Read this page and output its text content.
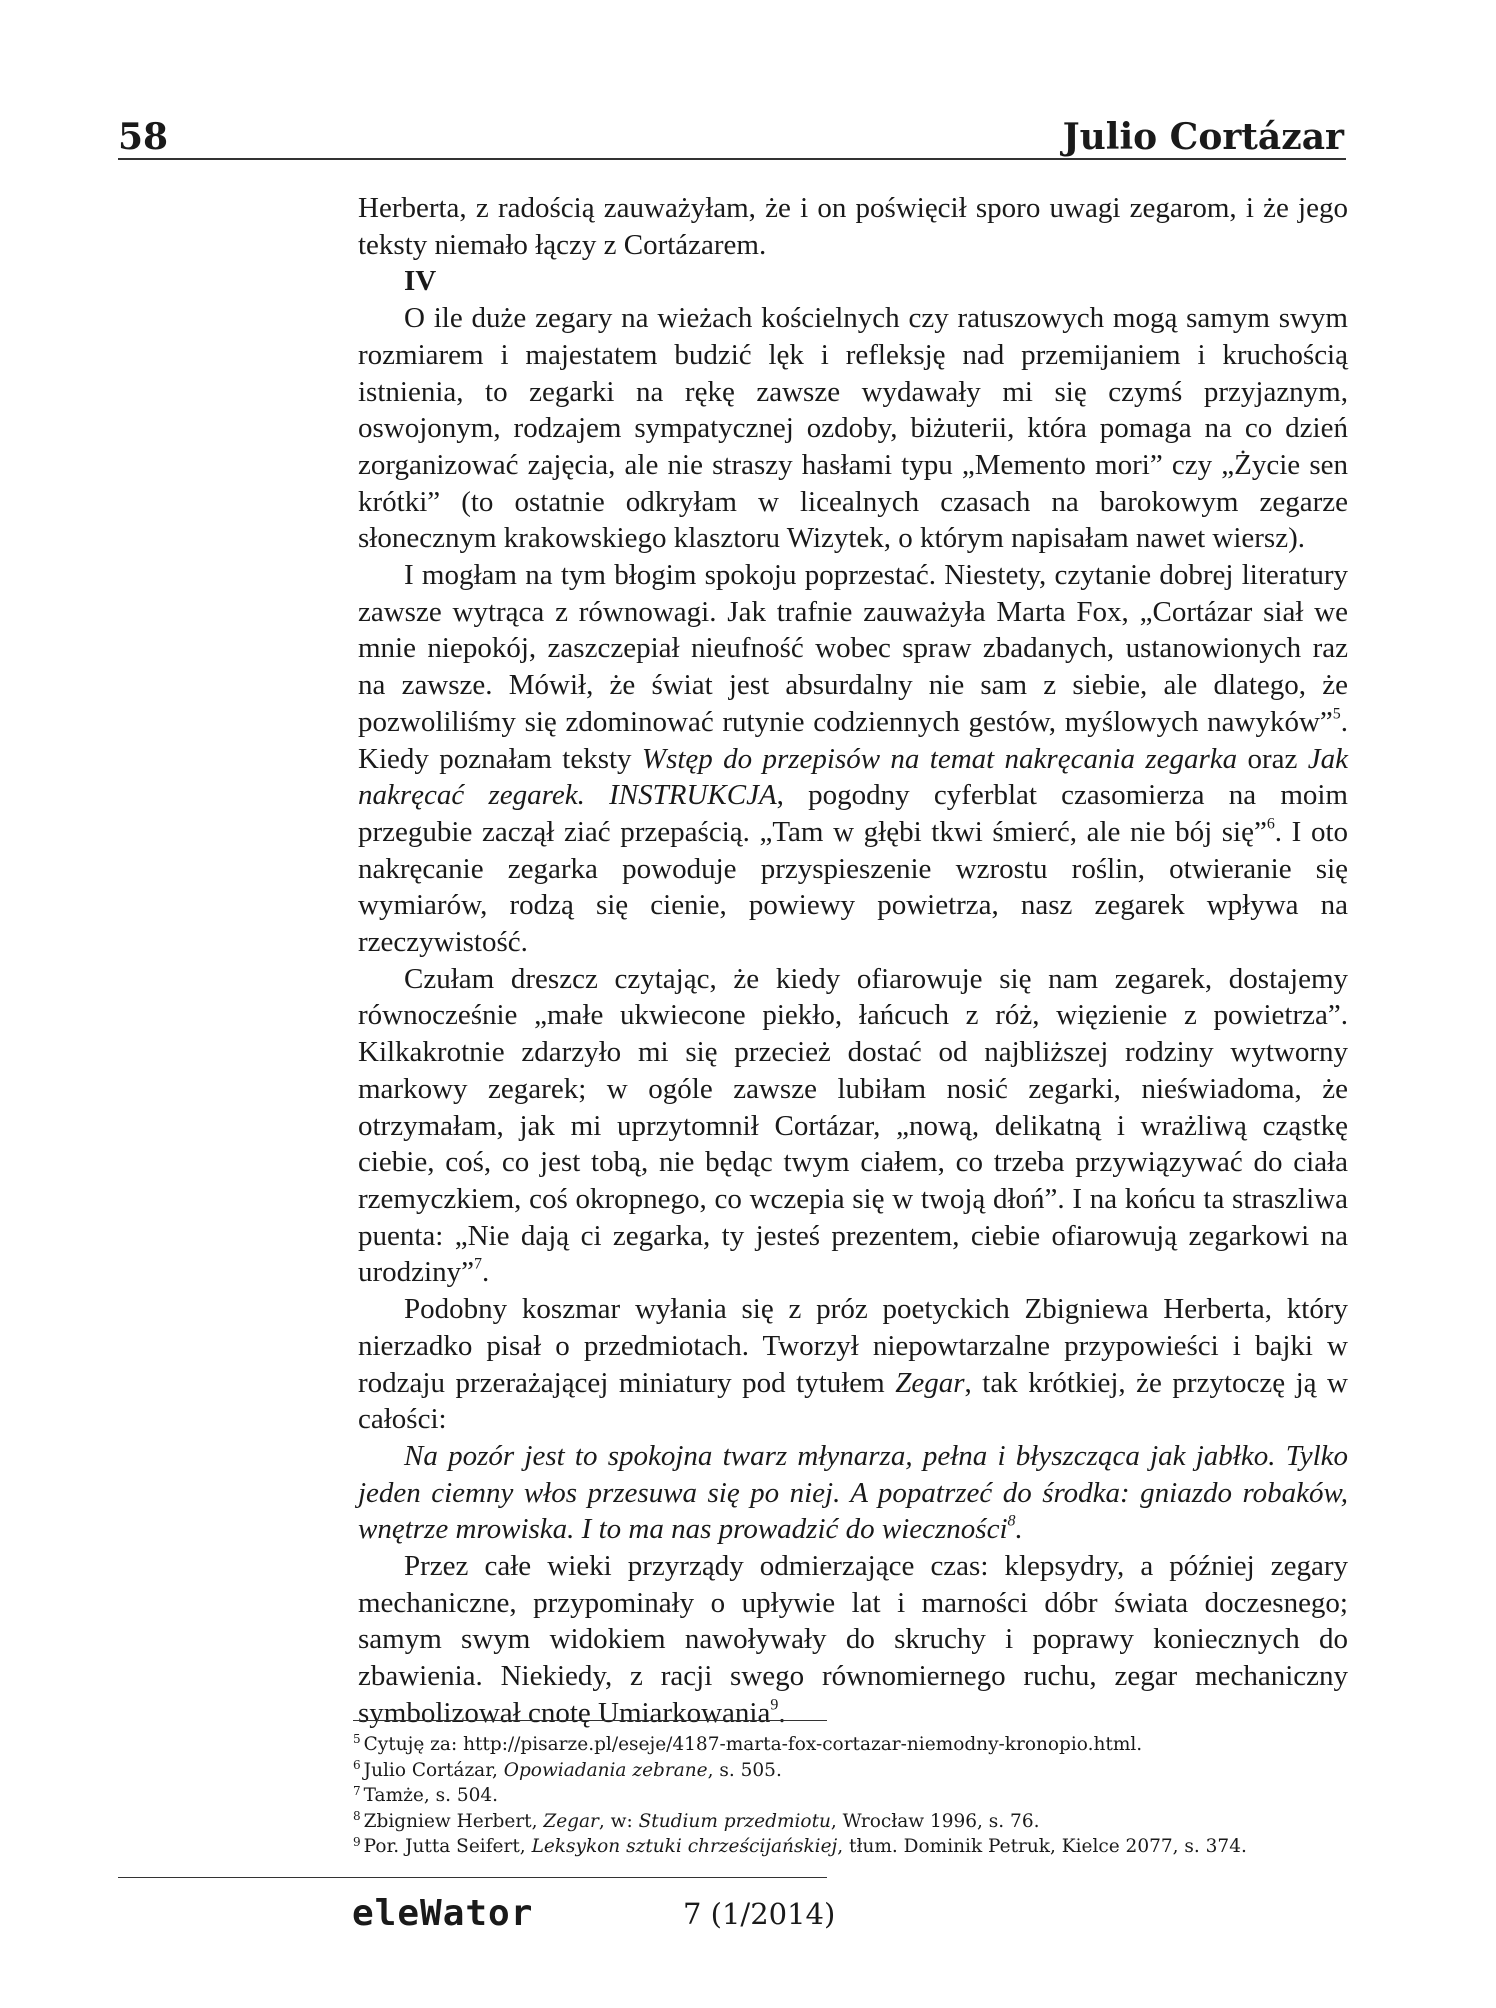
58	Julio Cortázar

Herberta, z radością zauważyłam, że i on poświęcił sporo uwagi zegarom, i że jego teksty niemało łączy z Cortázarem.

IV

O ile duże zegary na wieżach kościelnych czy ratuszowych mogą samym swym rozmiarem i majestatem budzić lęk i refleksję nad przemijaniem i kruchością istnienia, to zegarki na rękę zawsze wydawały mi się czymś przyjaznym, oswojonym, rodzajem sympatycznej ozdoby, biżuterii, która pomaga na co dzień zorganizować zajęcia, ale nie straszy hasłami typu „Memento mori” czy „Życie sen krótki” (to ostatnie odkryłam w licealnych czasach na barokowym zegarze słonecznym krakowskiego klasztoru Wizytek, o którym napisałam nawet wiersz).

I mogłam na tym błogim spokoju poprzestać. Niestety, czytanie dobrej literatury zawsze wytrąca z równowagi. Jak trafnie zauważyła Marta Fox, „Cortázar siał we mnie niepokój, zaszczepiał nieufność wobec spraw zbadanych, ustanowionych raz na zawsze. Mówił, że świat jest absurdalny nie sam z siebie, ale dlatego, że pozwoliliśmy się zdominować rutynie codziennych gestów, myślowych nawyków”$^5$. Kiedy poznałam teksty Wstęp do przepisów na temat nakręcania zegarka oraz Jak nakręcać zegarek. INSTRUKCJA, pogodny cyferblat czasomierza na moim przegubie zaczął ziać przepaścią. „Tam w głębi tkwi śmierć, ale nie bój się”$^6$. I oto nakręcanie zegarka powoduje przyspieszenie wzrostu roślin, otwieranie się wymiarów, rodzą się cienie, powiewy powietrza, nasz zegarek wpływa na rzeczywistość.

Czułam dreszcz czytając, że kiedy ofiarowuje się nam zegarek, dostajemy równocześnie „małe ukwiecone piekło, łańcuch z róż, więzienie z powietrza”. Kilkakrotnie zdarzyło mi się przecież dostać od najbliższej rodziny wytworny markowy zegarek; w ogóle zawsze lubiłam nosić zegarki, nieświadoma, że otrzymałam, jak mi uprzytomnił Cortázar, „nową, delikatną i wrażliwą cząstkę ciebie, coś, co jest tobą, nie będąc twym ciałem, co trzeba przywiązywać do ciała rzemyczkiem, coś okropnego, co wczepia się w twoją dłoń”. I na końcu ta straszliwa puenta: „Nie dają ci zegarka, ty jesteś prezentem, ciebie ofiarowują zegarkowi na urodziny”$^7$.

Podobny koszmar wyłania się z próz poetyckich Zbigniewa Herberta, który nierzadko pisał o przedmiotach. Tworzył niepowtarzalne przypowieści i bajki w rodzaju przerażającej miniatury pod tytułem Zegar, tak krótkiej, że przytoczę ją w całości:

Na pozór jest to spokojna twarz młynarza, pełna i błyszcząca jak jabłko. Tylko jeden ciemny włos przesuwa się po niej. A popatrzeć do środka: gniazdo robaków, wnętrze mrowiska. I to ma nas prowadzić do wieczności$^8$.

Przez całe wieki przyrządy odmierzające czas: klepsydry, a później zegary mechaniczne, przypominały o upływie lat i marności dóbr świata doczesnego; samym swym widokiem nawoływały do skruchy i poprawy koniecznych do zbawienia. Niekiedy, z racji swego równomiernego ruchu, zegar mechaniczny symbolizował cnotę Umiarkowania$^9$.

$^5$ Cytuję za: http://pisarze.pl/eseje/4187-marta-fox-cortazar-niemodny-kronopio.html.
$^6$ Julio Cortázar, Opowiadania zebrane, s. 505.
$^7$ Tamże, s. 504.
$^8$ Zbigniew Herbert, Zegar, w: Studium przedmiotu, Wrocław 1996, s. 76.
$^9$ Por. Jutta Seifert, Leksykon sztuki chrześcijańskiej, tłum. Dominik Petruk, Kielce 2077, s. 374.
eleWator	7 (1/2014)
